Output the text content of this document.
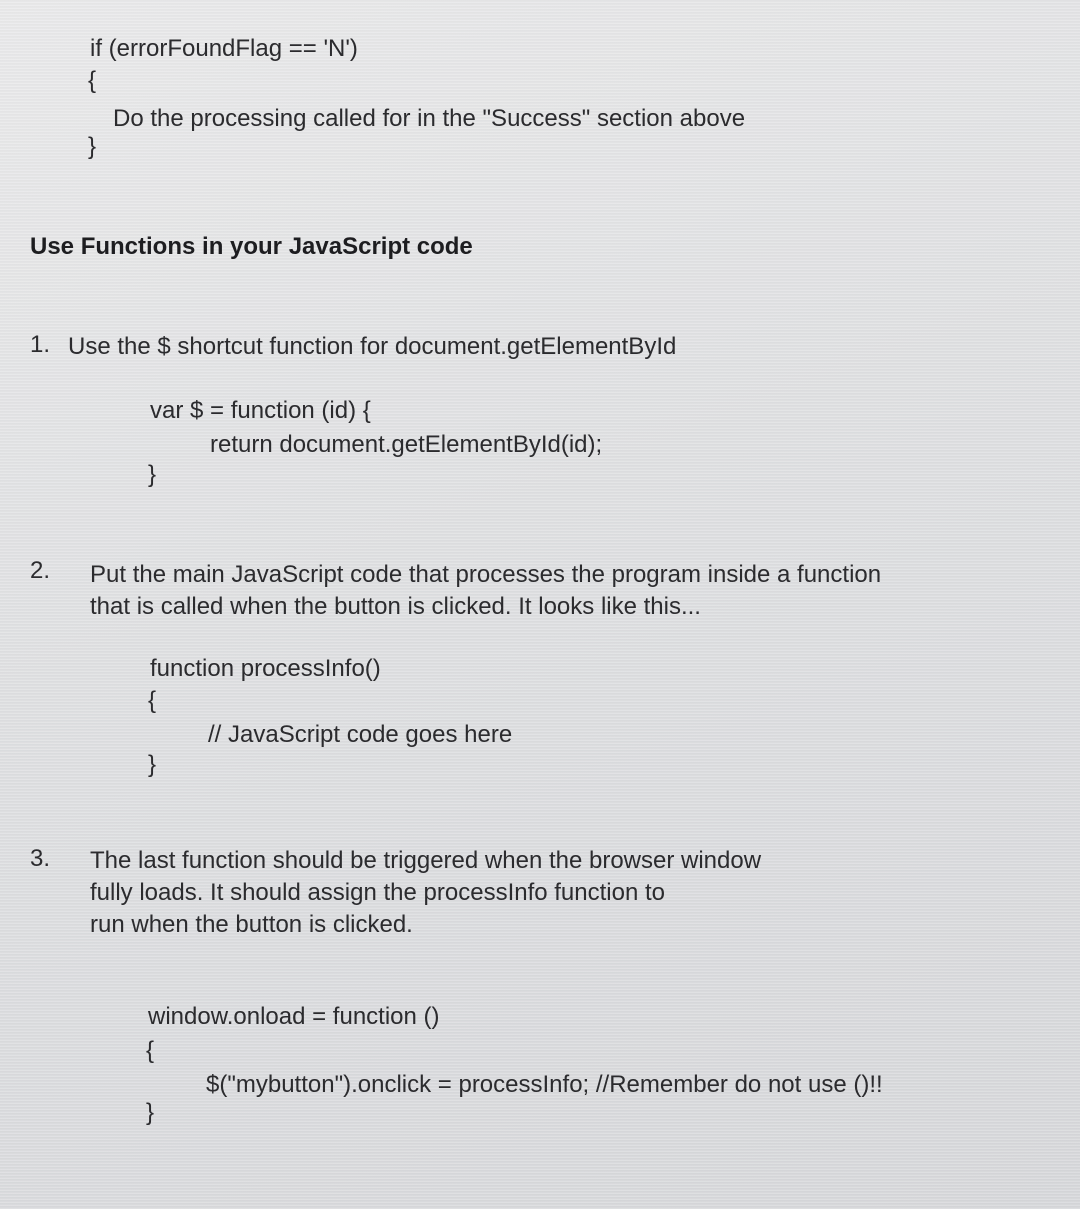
if (errorFoundFlag == 'N')
{
Do the processing called for in the "Success" section above
}
Use Functions in your JavaScript code
1. Use the $ shortcut function for document.getElementById
var $ = function (id) {
return document.getElementById(id);
}
2. Put the main JavaScript code that processes the program inside a function
that is called when the button is clicked. It looks like this...
function processInfo()
{
// JavaScript code goes here
}
3. The last function should be triggered when the browser window
fully loads. It should assign the processInfo function to
run when the button is clicked.
window.onload = function ()
{
$("mybutton").onclick = processInfo; //Remember do not use ()!!
}
